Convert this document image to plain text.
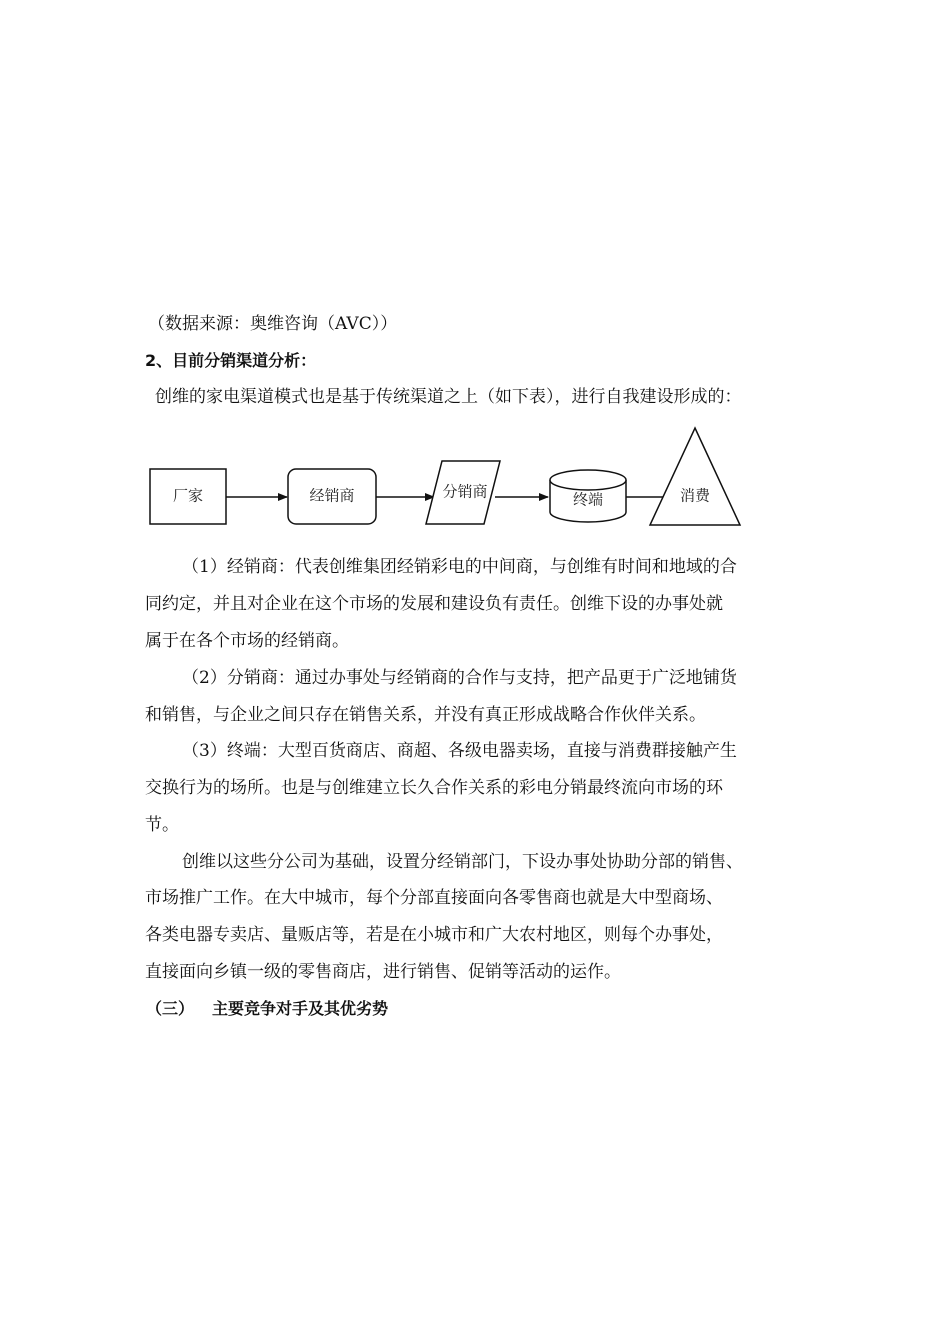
（数据来源：奥维咨询（AVC））
2、目前分销渠道分析：
创维的家电渠道模式也是基于传统渠道之上（如下表），进行自我建设形成的：
厂家	经销商	分销商	终端	消费
（1）经销商：代表创维集团经销彩电的中间商，与创维有时间和地域的合
同约定，并且对企业在这个市场的发展和建设负有责任。创维下设的办事处就
属于在各个市场的经销商。
（2）分销商：通过办事处与经销商的合作与支持，把产品更于广泛地铺货
和销售，与企业之间只存在销售关系，并没有真正形成战略合作伙伴关系。
（3）终端：大型百货商店、商超、各级电器卖场，直接与消费群接触产生
交换行为的场所。也是与创维建立长久合作关系的彩电分销最终流向市场的环
节。
创维以这些分公司为基础，设置分经销部门，下设办事处协助分部的销售、
市场推广工作。在大中城市，每个分部直接面向各零售商也就是大中型商场、
各类电器专卖店、量贩店等，若是在小城市和广大农村地区，则每个办事处，
直接面向乡镇一级的零售商店，进行销售、促销等活动的运作。
（三） 主要竞争对手及其优劣势
